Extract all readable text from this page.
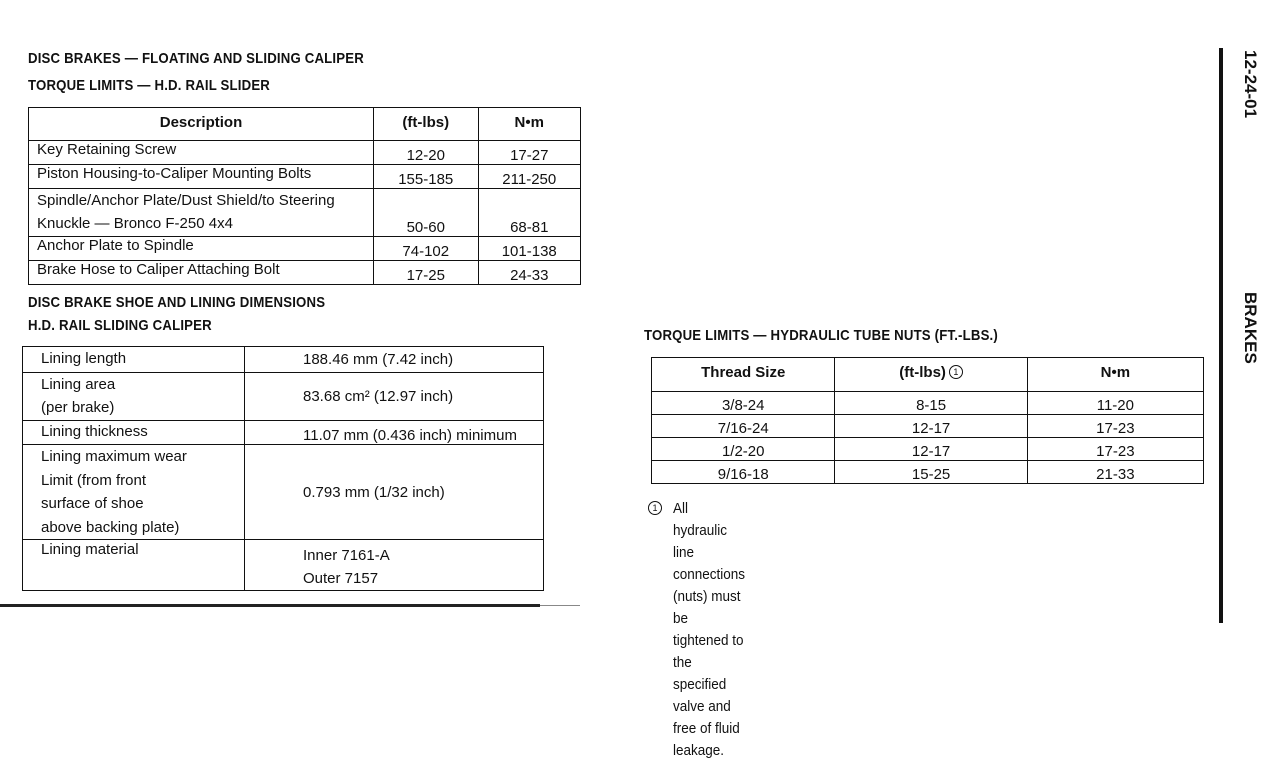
DISC BRAKES — FLOATING AND SLIDING CALIPER
TORQUE LIMITS — H.D. RAIL SLIDER
Description	(ft-lbs)	N•m
Key Retaining Screw	12-20	17-27
Piston Housing-to-Caliper Mounting Bolts	155-185	211-250
Spindle/Anchor Plate/Dust Shield/to Steering
Knuckle — Bronco F-250 4x4	50-60	68-81
Anchor Plate to Spindle	74-102	101-138
Brake Hose to Caliper Attaching Bolt	17-25	24-33
DISC BRAKE SHOE AND LINING DIMENSIONS
H.D. RAIL SLIDING CALIPER
Lining length	188.46 mm (7.42 inch)
Lining area
(per brake)	83.68 cm² (12.97 inch)
Lining thickness	11.07 mm (0.436 inch) minimum
Lining maximum wear
Limit (from front
surface of shoe
above backing plate)	0.793 mm (1/32 inch)
Lining material	Inner 7161-A
Outer 7157
TORQUE LIMITS — HYDRAULIC TUBE NUTS (FT.-LBS.)
Thread Size	(ft-lbs) 1	N•m
3/8-24	8-15	11-20
7/16-24	12-17	17-23
1/2-20	12-17	17-23
9/16-18	15-25	21-33
1	All hydraulic line connections (nuts) must be tightened to the specified valve and
free of fluid leakage.
12-24-01
BRAKES
